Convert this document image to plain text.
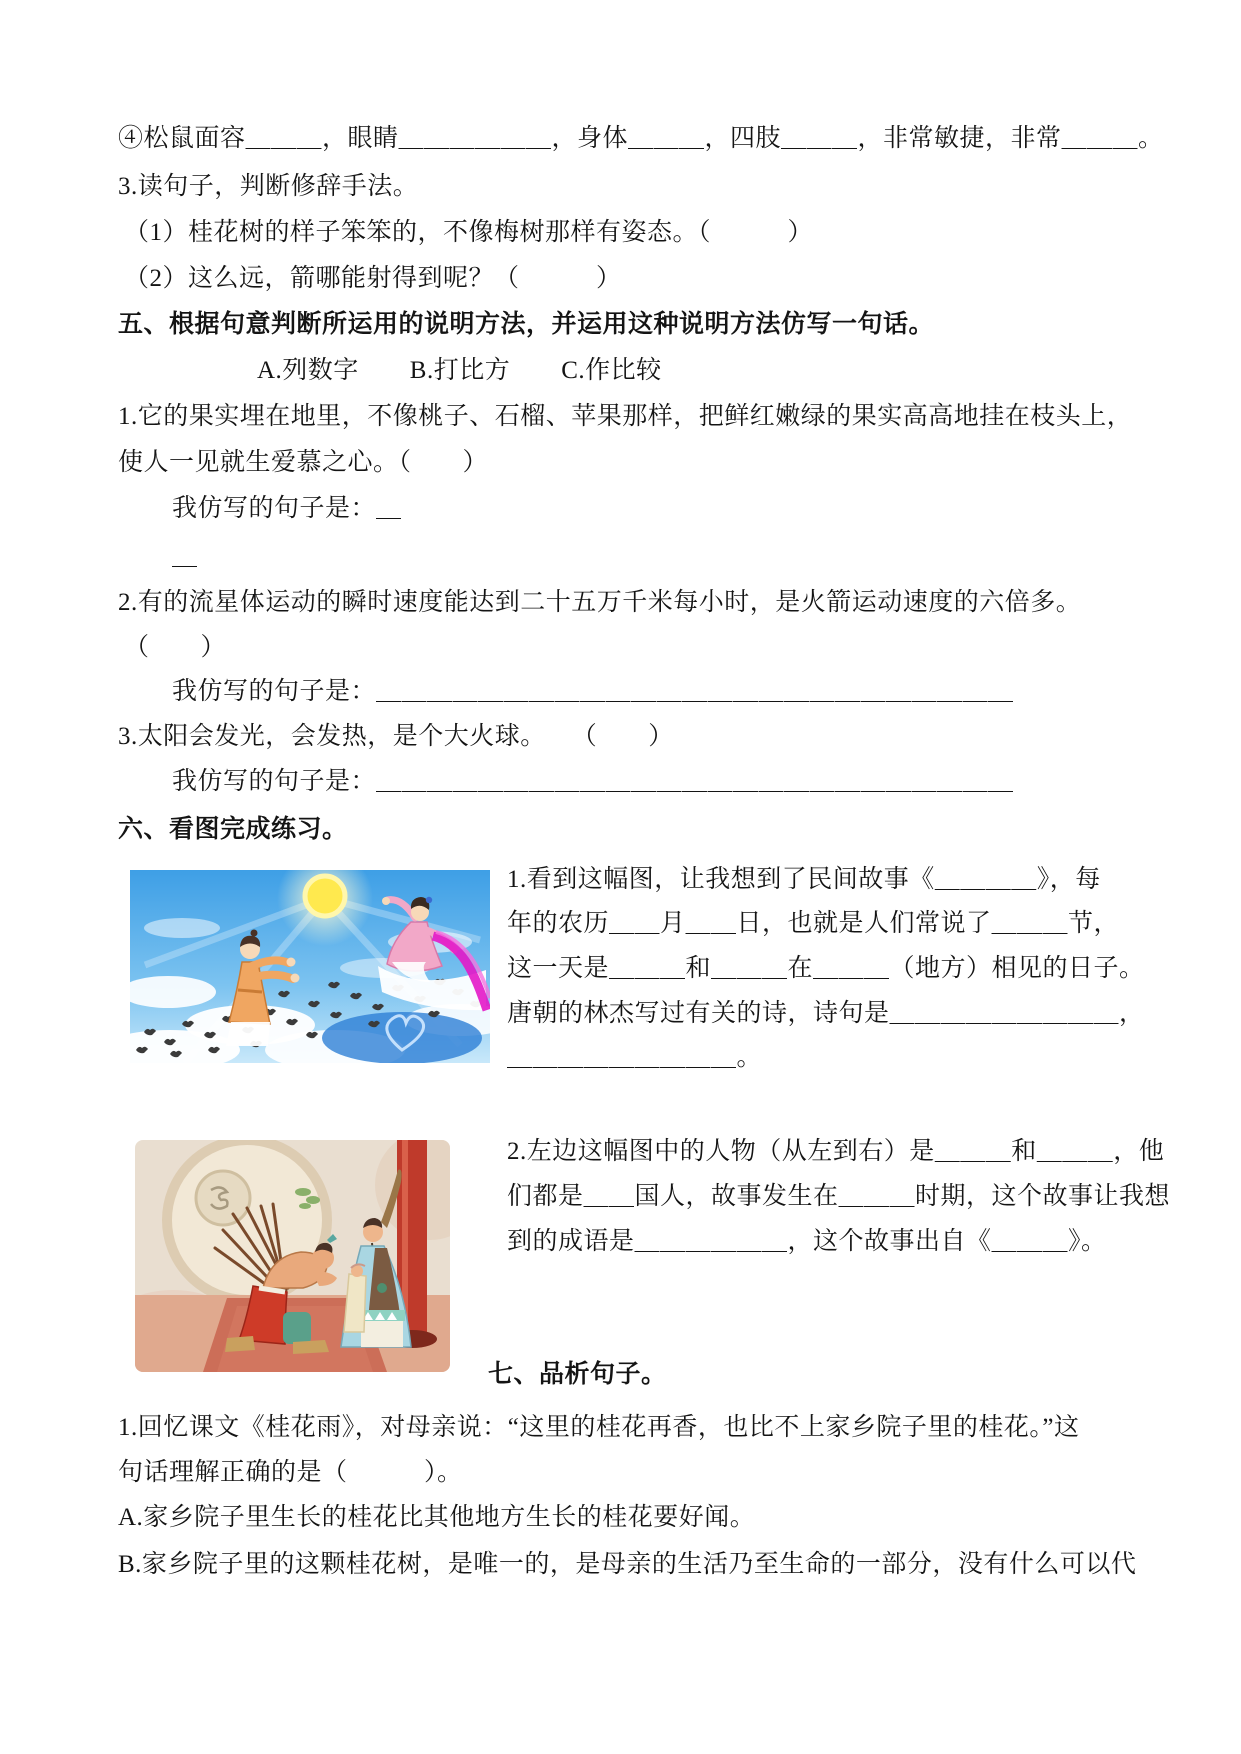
④松鼠面容＿＿＿，眼睛＿＿＿＿＿＿，身体＿＿＿，四肢＿＿＿，非常敏捷，非常＿＿＿。
3.读句子，判断修辞手法。
（1）桂花树的样子笨笨的，不像梅树那样有姿态。（　　　）
（2）这么远，箭哪能射得到呢？（　　　）
五、根据句意判断所运用的说明方法，并运用这种说明方法仿写一句话。
A.列数字　　B.打比方　　C.作比较
1.它的果实埋在地里，不像桃子、石榴、苹果那样，把鲜红嫩绿的果实高高地挂在枝头上，
使人一见就生爱慕之心。（　　）
我仿写的句子是：＿
＿
2.有的流星体运动的瞬时速度能达到二十五万千米每小时，是火箭运动速度的六倍多。
（　　）
我仿写的句子是：＿＿＿＿＿＿＿＿＿＿＿＿＿＿＿＿＿＿＿＿＿＿＿＿＿
3.太阳会发光，会发热，是个大火球。　　（　　）
我仿写的句子是：＿＿＿＿＿＿＿＿＿＿＿＿＿＿＿＿＿＿＿＿＿＿＿＿＿
六、看图完成练习。
1.看到这幅图，让我想到了民间故事《＿＿＿＿》，每
年的农历＿＿月＿＿日，也就是人们常说了＿＿＿节，
这一天是＿＿＿和＿＿＿在＿＿＿（地方）相见的日子。
唐朝的林杰写过有关的诗，诗句是＿＿＿＿＿＿＿＿＿，
＿＿＿＿＿＿＿＿＿。
2.左边这幅图中的人物（从左到右）是＿＿＿和＿＿＿，他
们都是＿＿国人，故事发生在＿＿＿时期，这个故事让我想
到的成语是＿＿＿＿＿＿，这个故事出自《＿＿＿》。
七、品析句子。
1.回忆课文《桂花雨》，对母亲说：“这里的桂花再香，也比不上家乡院子里的桂花。”这
句话理解正确的是（　　　）。
A.家乡院子里生长的桂花比其他地方生长的桂花要好闻。
B.家乡院子里的这颗桂花树，是唯一的，是母亲的生活乃至生命的一部分，没有什么可以代
